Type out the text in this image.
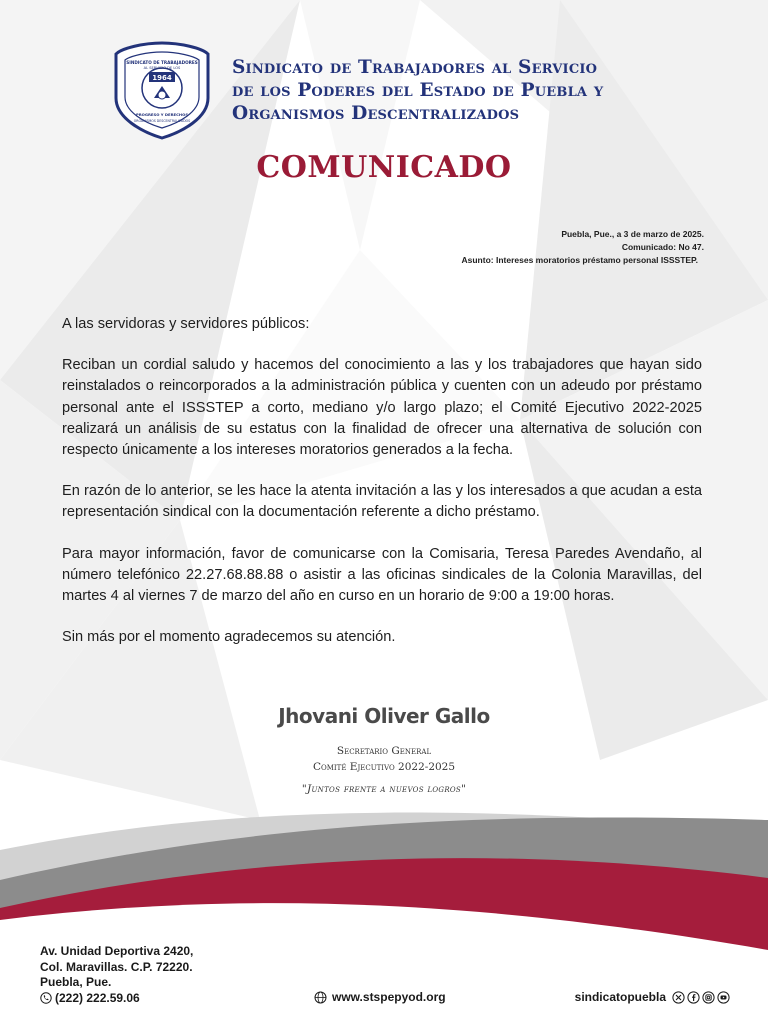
1964
SINDICATO DE TRABAJADORES
AL SERVICIO DE LOS
PROGRESO Y DERECHOS
ORGANISMOS DESCENTRALIZADOS
Sindicato de Trabajadores al Servicio
de los Poderes del Estado de Puebla y
Organismos Descentralizados
COMUNICADO
Puebla, Pue., a 3 de marzo de 2025.
Comunicado: No 47.
Asunto: Intereses moratorios préstamo personal ISSSTEP.

A las servidoras y servidores públicos:

Reciban un cordial saludo y hacemos del conocimiento a las y los trabajadores que hayan sido reinstalados o reincorporados a la administración pública y cuenten con un adeudo por préstamo personal ante el ISSSTEP a corto, mediano y/o largo plazo; el Comité Ejecutivo 2022-2025 realizará un análisis de su estatus con la finalidad de ofrecer una alternativa de solución con respecto únicamente a los intereses moratorios generados a la fecha.

En razón de lo anterior, se les hace la atenta invitación a las y los interesados a que acudan a esta representación sindical con la documentación referente a dicho préstamo.

Para mayor información, favor de comunicarse con la Comisaria, Teresa Paredes Avendaño, al número telefónico 22.27.68.88.88 o asistir a las oficinas sindicales de la Colonia Maravillas, del martes 4 al viernes 7 de marzo del año en curso en un horario de 9:00 a 19:00 horas.

Sin más por el momento agradecemos su atención.

Jhovani Oliver Gallo
Secretario General
Comité Ejecutivo 2022-2025
"Juntos frente a nuevos logros"
Av. Unidad Deportiva 2420,
Col. Maravillas. C.P. 72220.
Puebla, Pue.
(222) 222.59.06	www.stspepyod.org	sindicatopuebla
